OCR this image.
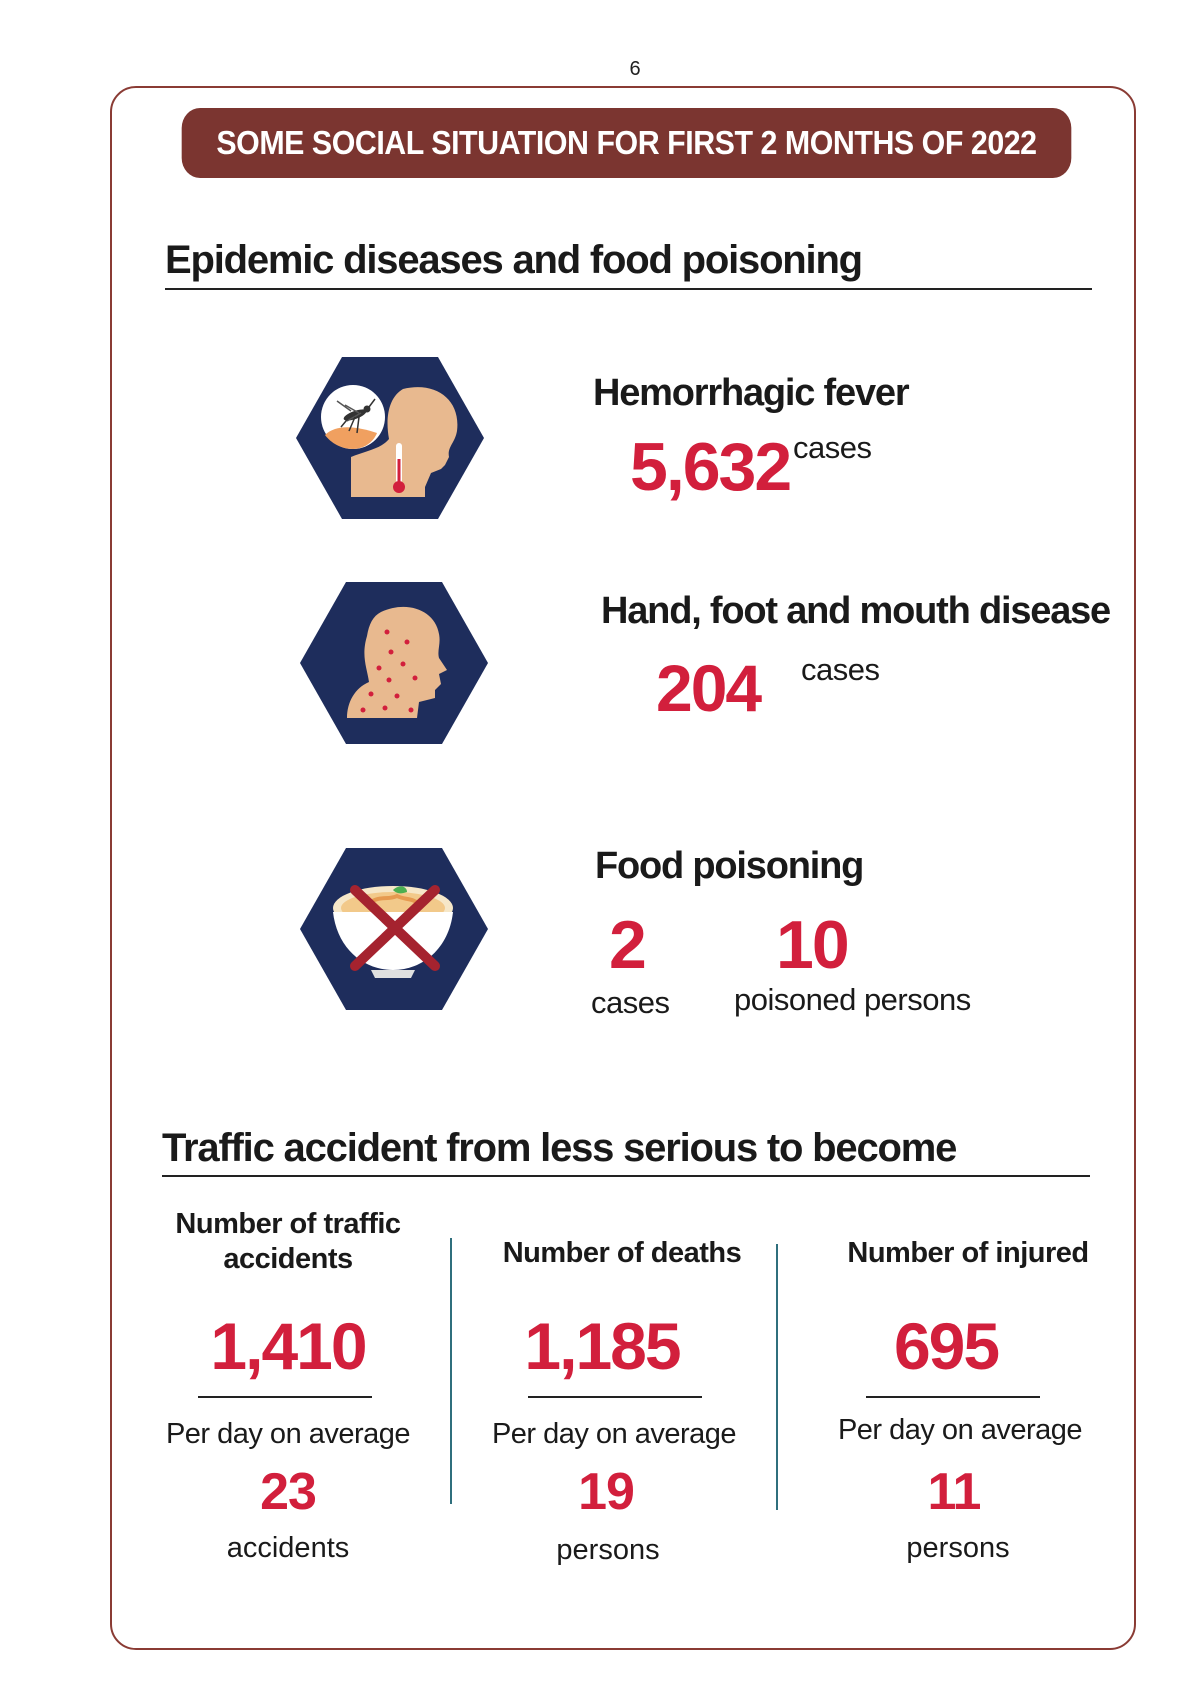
6
SOME SOCIAL SITUATION FOR FIRST 2 MONTHS OF 2022
Epidemic diseases and food poisoning
Hemorrhagic fever
5,632 cases
Hand, foot and mouth disease
204 cases
Food poisoning
2
cases
10
poisoned persons
Traffic accident from less serious to become
Number of traffic accidents
1,410
Per day on average
23
accidents
Number of deaths
1,185
Per day on average
19
persons
Number of injured
695
Per day on average
11
persons
